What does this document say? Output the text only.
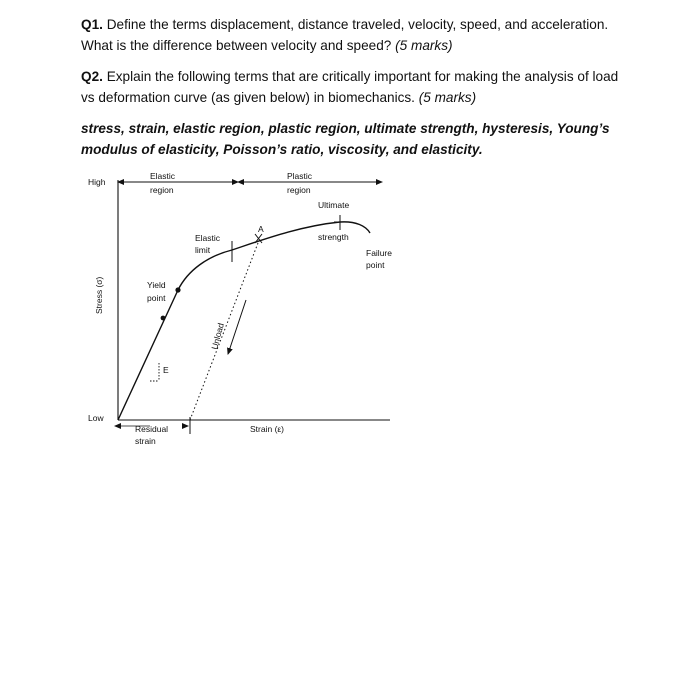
Q1. Define the terms displacement, distance traveled, velocity, speed, and acceleration. What is the difference between velocity and speed? (5 marks)

Q2. Explain the following terms that are critically important for making the analysis of load vs deformation curve (as given below) in biomechanics. (5 marks)

stress, strain, elastic region, plastic region, ultimate strength, hysteresis, Young’s modulus of elasticity, Poisson’s ratio, viscosity, and elasticity.

High
Low
Elastic
region
Plastic
region
Ultimate
strength
Elastic
limit
A
Failure
point
Yield
point
E
Unload
Stress (σ)
Strain (ε)
Residual
strain
